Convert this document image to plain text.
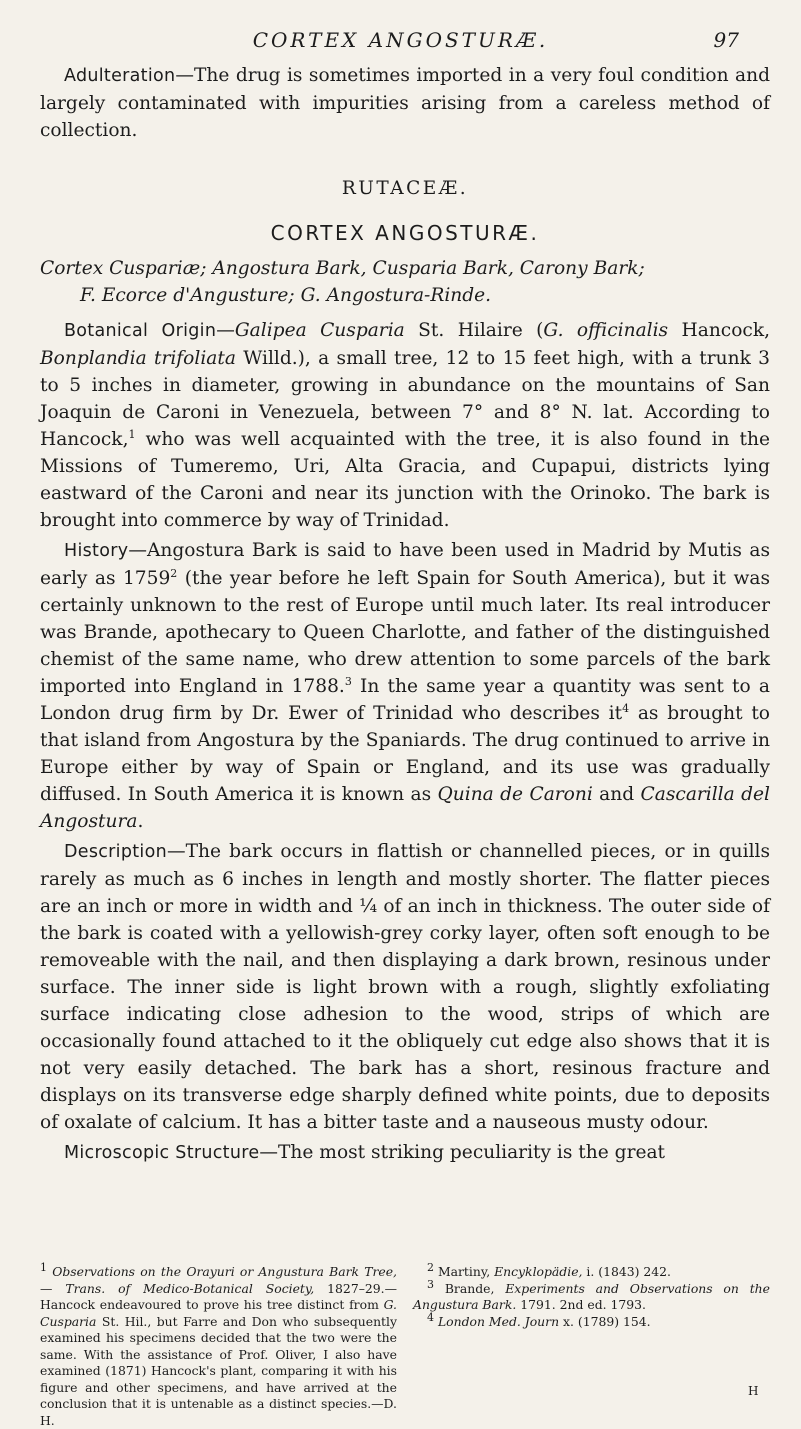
CORTEX ANGOSTURÆ.	97

Adulteration—The drug is sometimes imported in a very foul condition and largely contaminated with impurities arising from a careless method of collection.

RUTACEÆ.
CORTEX ANGOSTURÆ.

Cortex Cuspariæ; Angostura Bark, Cusparia Bark, Carony Bark;

F. Ecorce d'Angusture; G. Angostura-Rinde.

Botanical Origin—Galipea Cusparia St. Hilaire (G. officinalis Hancock, Bonplandia trifoliata Willd.), a small tree, 12 to 15 feet high, with a trunk 3 to 5 inches in diameter, growing in abundance on the mountains of San Joaquin de Caroni in Venezuela, between 7° and 8° N. lat. According to Hancock,$^1$ who was well acquainted with the tree, it is also found in the Missions of Tumeremo, Uri, Alta Gracia, and Cupapui, districts lying eastward of the Caroni and near its junction with the Orinoko. The bark is brought into commerce by way of Trinidad.

History—Angostura Bark is said to have been used in Madrid by Mutis as early as 1759$^2$ (the year before he left Spain for South America), but it was certainly unknown to the rest of Europe until much later. Its real introducer was Brande, apothecary to Queen Charlotte, and father of the distinguished chemist of the same name, who drew attention to some parcels of the bark imported into England in 1788.$^3$ In the same year a quantity was sent to a London drug firm by Dr. Ewer of Trinidad who describes $it^4$ as brought to that island from Angostura by the Spaniards. The drug continued to arrive in Europe either by way of Spain or England, and its use was gradually diffused. In South America it is known as Quina de Caroni and Cascarilla del Angostura.

Description—The bark occurs in flattish or channelled pieces, or in quills rarely as much as 6 inches in length and mostly shorter. The flatter pieces are an inch or more in width and ¼ of an inch in thickness. The outer side of the bark is coated with a yellowish-grey corky layer, often soft enough to be removeable with the nail, and then displaying a dark brown, resinous under surface. The inner side is light brown with a rough, slightly exfoliating surface indicating close adhesion to the wood, strips of which are occasionally found attached to it the obliquely cut edge also shows that it is not very easily detached. The bark has a short, resinous fracture and displays on its transverse edge sharply defined white points, due to deposits of oxalate of calcium. It has a bitter taste and a nauseous musty odour.

Microscopic Structure—The most striking peculiarity is the great

$^1$ Observations on the Orayuri or Angustura Bark Tree, — Trans. of Medico-Botanical Society, 1827–29.—Hancock endeavoured to prove his tree distinct from G. Cusparia St. Hil., but Farre and Don who subsequently examined his specimens decided that the two were the same. With the assistance of Prof. Oliver, I also have examined (1871) Hancock's plant, comparing it with his figure and other specimens, and have arrived at the conclusion that it is untenable as a distinct species.—D. H.

$^2$ Martiny, Encyklopädie, i. (1843) 242.

$^3$ Brande, Experiments and Observations on the Angustura Bark. 1791. 2nd ed. 1793.

$^4$ London Med. Journ x. (1789) 154.

H
